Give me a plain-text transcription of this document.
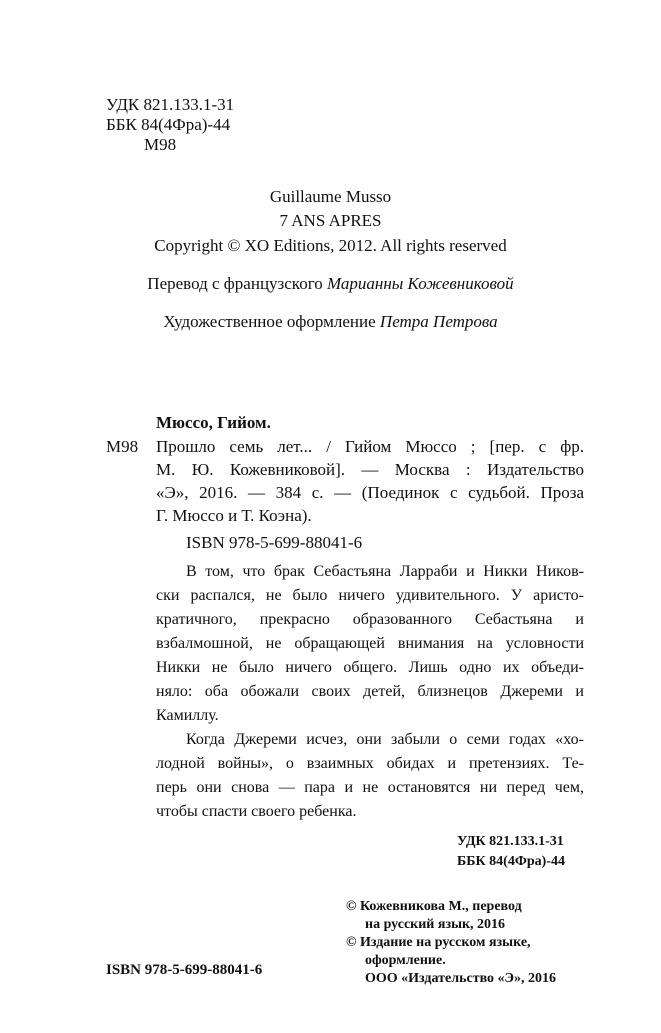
УДК 821.133.1-31
ББК 84(4Фра)-44
М98
Guillaume Musso
7 ANS APRES
Copyright © XO Editions, 2012. All rights reserved
Перевод с французского Марианны Кожевниковой
Художественное оформление Петра Петрова
Мюссо, Гийом.
М98 Прошло семь лет... / Гийом Мюссо ; [пер. с фр.
М. Ю. Кожевниковой]. — Москва : Издательство
«Э», 2016. — 384 с. — (Поединок с судьбой. Проза
Г. Мюссо и Т. Коэна).
ISBN 978-5-699-88041-6
В том, что брак Себастьяна Ларраби и Никки Ников-
ски распался, не было ничего удивительного. У аристо-
кратичного, прекрасно образованного Себастьяна и
взбалмошной, не обращающей внимания на условности
Никки не было ничего общего. Лишь одно их объеди-
няло: оба обожали своих детей, близнецов Джереми и
Камиллу.
Когда Джереми исчез, они забыли о семи годах «хо-
лодной войны», о взаимных обидах и претензиях. Те-
перь они снова — пара и не остановятся ни перед чем,
чтобы спасти своего ребенка.
УДК 821.133.1-31
ББК 84(4Фра)-44
© Кожевникова М., перевод
на русский язык, 2016
© Издание на русском языке,
оформление.
ООО «Издательство «Э», 2016
ISBN 978-5-699-88041-6
